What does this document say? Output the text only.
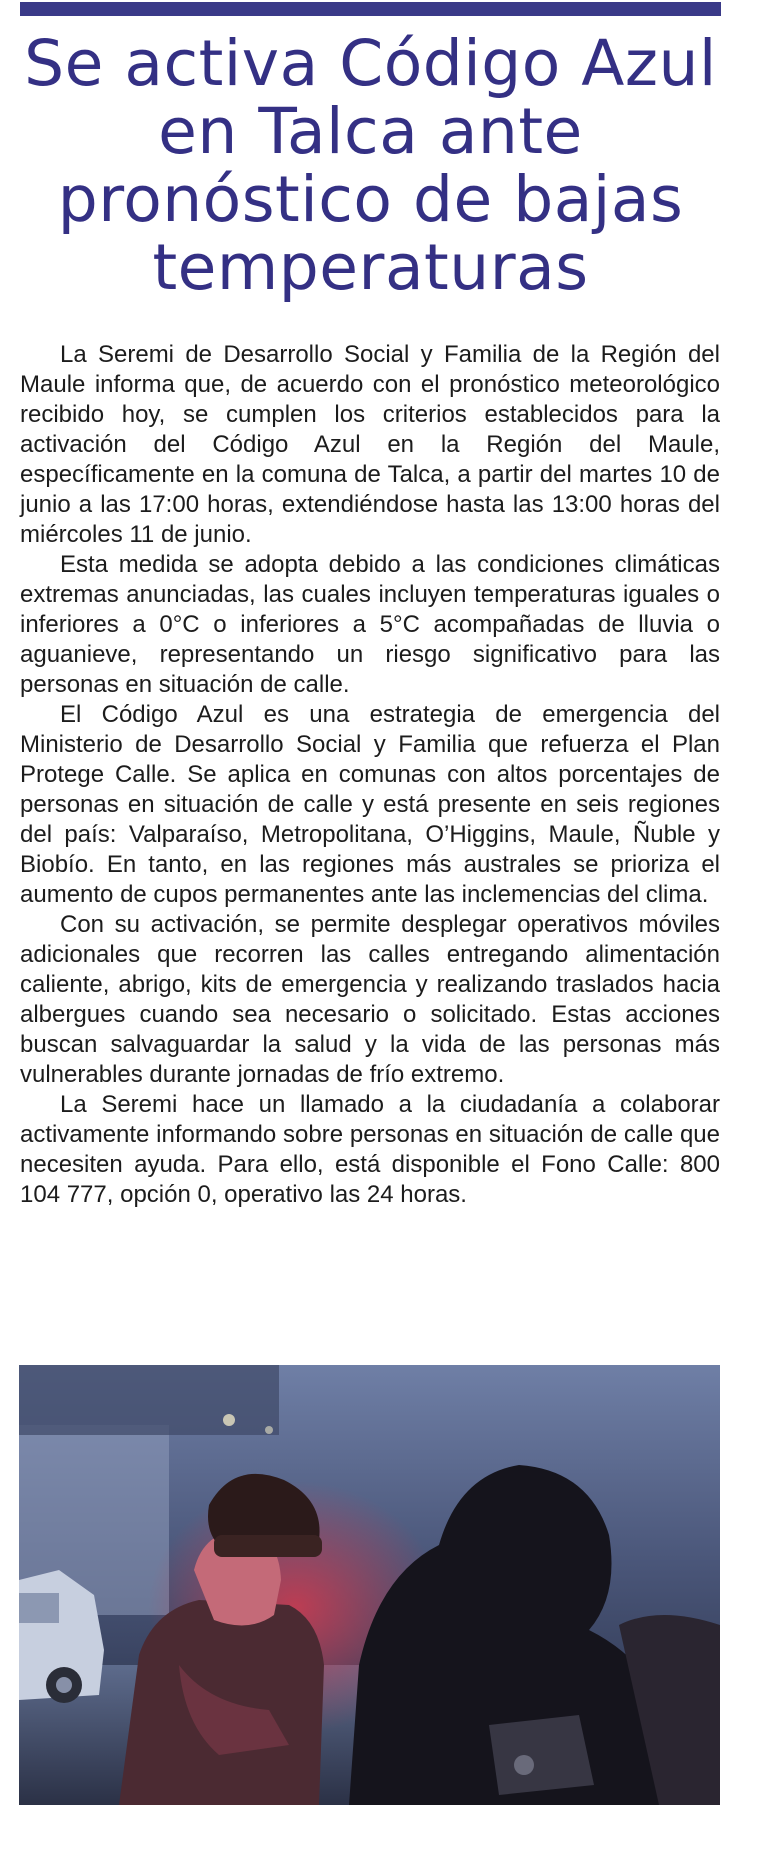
Se activa Código Azul en Talca ante pronóstico de bajas temperaturas

La Seremi de Desarrollo Social y Familia de la Región del Maule informa que, de acuerdo con el pronóstico meteorológico recibido hoy, se cumplen los criterios establecidos para la activación del Código Azul en la Región del Maule, específicamente en la comuna de Talca, a partir del martes 10 de junio a las 17:00 horas, extendiéndose hasta las 13:00 horas del miércoles 11 de junio.

Esta medida se adopta debido a las condiciones climáticas extremas anunciadas, las cuales incluyen temperaturas iguales o inferiores a 0°C o inferiores a 5°C acompañadas de lluvia o aguanieve, representando un riesgo significativo para las personas en situación de calle.

El Código Azul es una estrategia de emergencia del Ministerio de Desarrollo Social y Familia que refuerza el Plan Protege Calle. Se aplica en comunas con altos porcentajes de personas en situación de calle y está presente en seis regiones del país: Valparaíso, Metropolitana, O’Higgins, Maule, Ñuble y Biobío. En tanto, en las regiones más australes se prioriza el aumento de cupos permanentes ante las inclemencias del clima.

Con su activación, se permite desplegar operativos móviles adicionales que recorren las calles entregando alimentación caliente, abrigo, kits de emergencia y realizando traslados hacia albergues cuando sea necesario o solicitado. Estas acciones buscan salvaguardar la salud y la vida de las personas más vulnerables durante jornadas de frío extremo.

La Seremi hace un llamado a la ciudadanía a colaborar activamente informando sobre personas en situación de calle que necesiten ayuda. Para ello, está disponible el Fono Calle: 800 104 777, opción 0, operativo las 24 horas.
